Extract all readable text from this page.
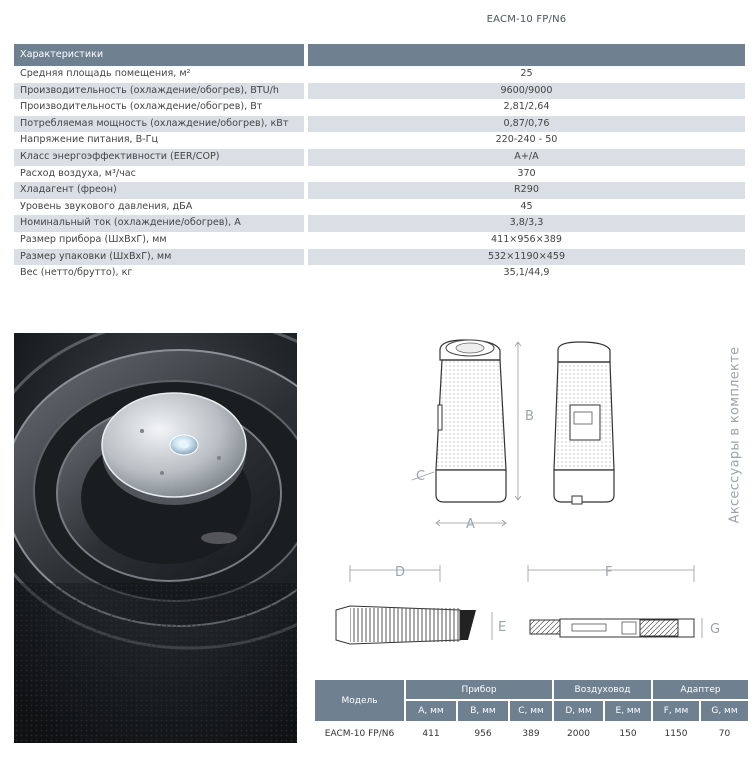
EACM-10 FP/N6
Характеристики
Средняя площадь помещения, м²	25
Производительность (охлаждение/обогрев), BTU/h	9600/9000
Производительность (охлаждение/обогрев), Вт	2,81/2,64
Потребляемая мощность (охлаждение/обогрев), кВт	0,87/0,76
Напряжение питания, В-Гц	220-240 - 50
Класс энергоэффективности (EER/COP)	A+/A
Расход воздуха, м³/час	370
Хладагент (фреон)	R290
Уровень звукового давления, дБА	45
Номинальный ток (охлаждение/обогрев), А	3,8/3,3
Размер прибора (ШхВхГ), мм	411×956×389
Размер упаковки (ШхВхГ), мм	532×1190×459
Вес (нетто/брутто), кг	35,1/44,9
Аксессуары в комплекте
B
A
C
D
E
F
G
Модель	Прибор			Воздуховод		Адаптер	
	А, мм	В, мм	С, мм	D, мм	E, мм	F, мм	G, мм
EACM-10 FP/N6	411	956	389	2000	150	1150	70
